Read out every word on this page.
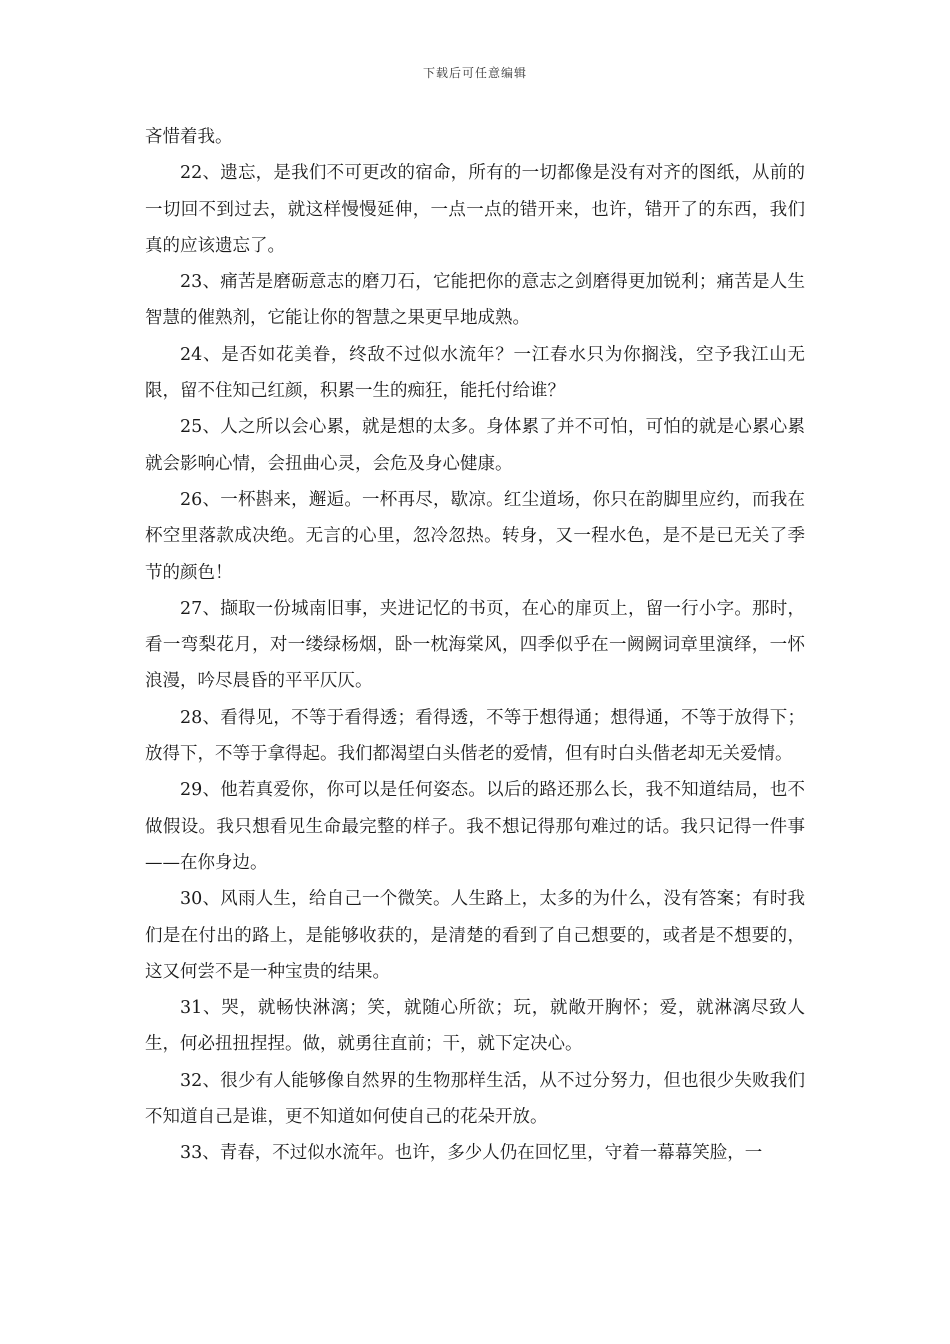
下载后可任意编辑

吝惜着我。

22、遗忘，是我们不可更改的宿命，所有的一切都像是没有对齐的图纸，从前的一切回不到过去，就这样慢慢延伸，一点一点的错开来，也许，错开了的东西，我们真的应该遗忘了。

23、痛苦是磨砺意志的磨刀石，它能把你的意志之剑磨得更加锐利；痛苦是人生智慧的催熟剂，它能让你的智慧之果更早地成熟。

24、是否如花美眷，终敌不过似水流年？一江春水只为你搁浅，空予我江山无限，留不住知己红颜，积累一生的痴狂，能托付给谁？

25、人之所以会心累，就是想的太多。身体累了并不可怕，可怕的就是心累心累就会影响心情，会扭曲心灵，会危及身心健康。

26、一杯斟来，邂逅。一杯再尽，歇凉。红尘道场，你只在韵脚里应约，而我在杯空里落款成决绝。无言的心里，忽冷忽热。转身，又一程水色，是不是已无关了季节的颜色！

27、撷取一份城南旧事，夹进记忆的书页，在心的扉页上，留一行小字。那时，看一弯梨花月，对一缕绿杨烟，卧一枕海棠风，四季似乎在一阙阙词章里演绎，一怀浪漫，吟尽晨昏的平平仄仄。

28、看得见，不等于看得透；看得透，不等于想得通；想得通，不等于放得下；放得下，不等于拿得起。我们都渴望白头偕老的爱情，但有时白头偕老却无关爱情。

29、他若真爱你，你可以是任何姿态。以后的路还那么长，我不知道结局，也不做假设。我只想看见生命最完整的样子。我不想记得那句难过的话。我只记得一件事——在你身边。

30、风雨人生，给自己一个微笑。人生路上，太多的为什么，没有答案；有时我们是在付出的路上，是能够收获的，是清楚的看到了自己想要的，或者是不想要的，这又何尝不是一种宝贵的结果。

31、哭，就畅快淋漓；笑，就随心所欲；玩，就敞开胸怀；爱，就淋漓尽致人生，何必扭扭捏捏。做，就勇往直前；干，就下定决心。

32、很少有人能够像自然界的生物那样生活，从不过分努力，但也很少失败我们不知道自己是谁，更不知道如何使自己的花朵开放。

33、青春，不过似水流年。也许，多少人仍在回忆里，守着一幕幕笑脸，一
